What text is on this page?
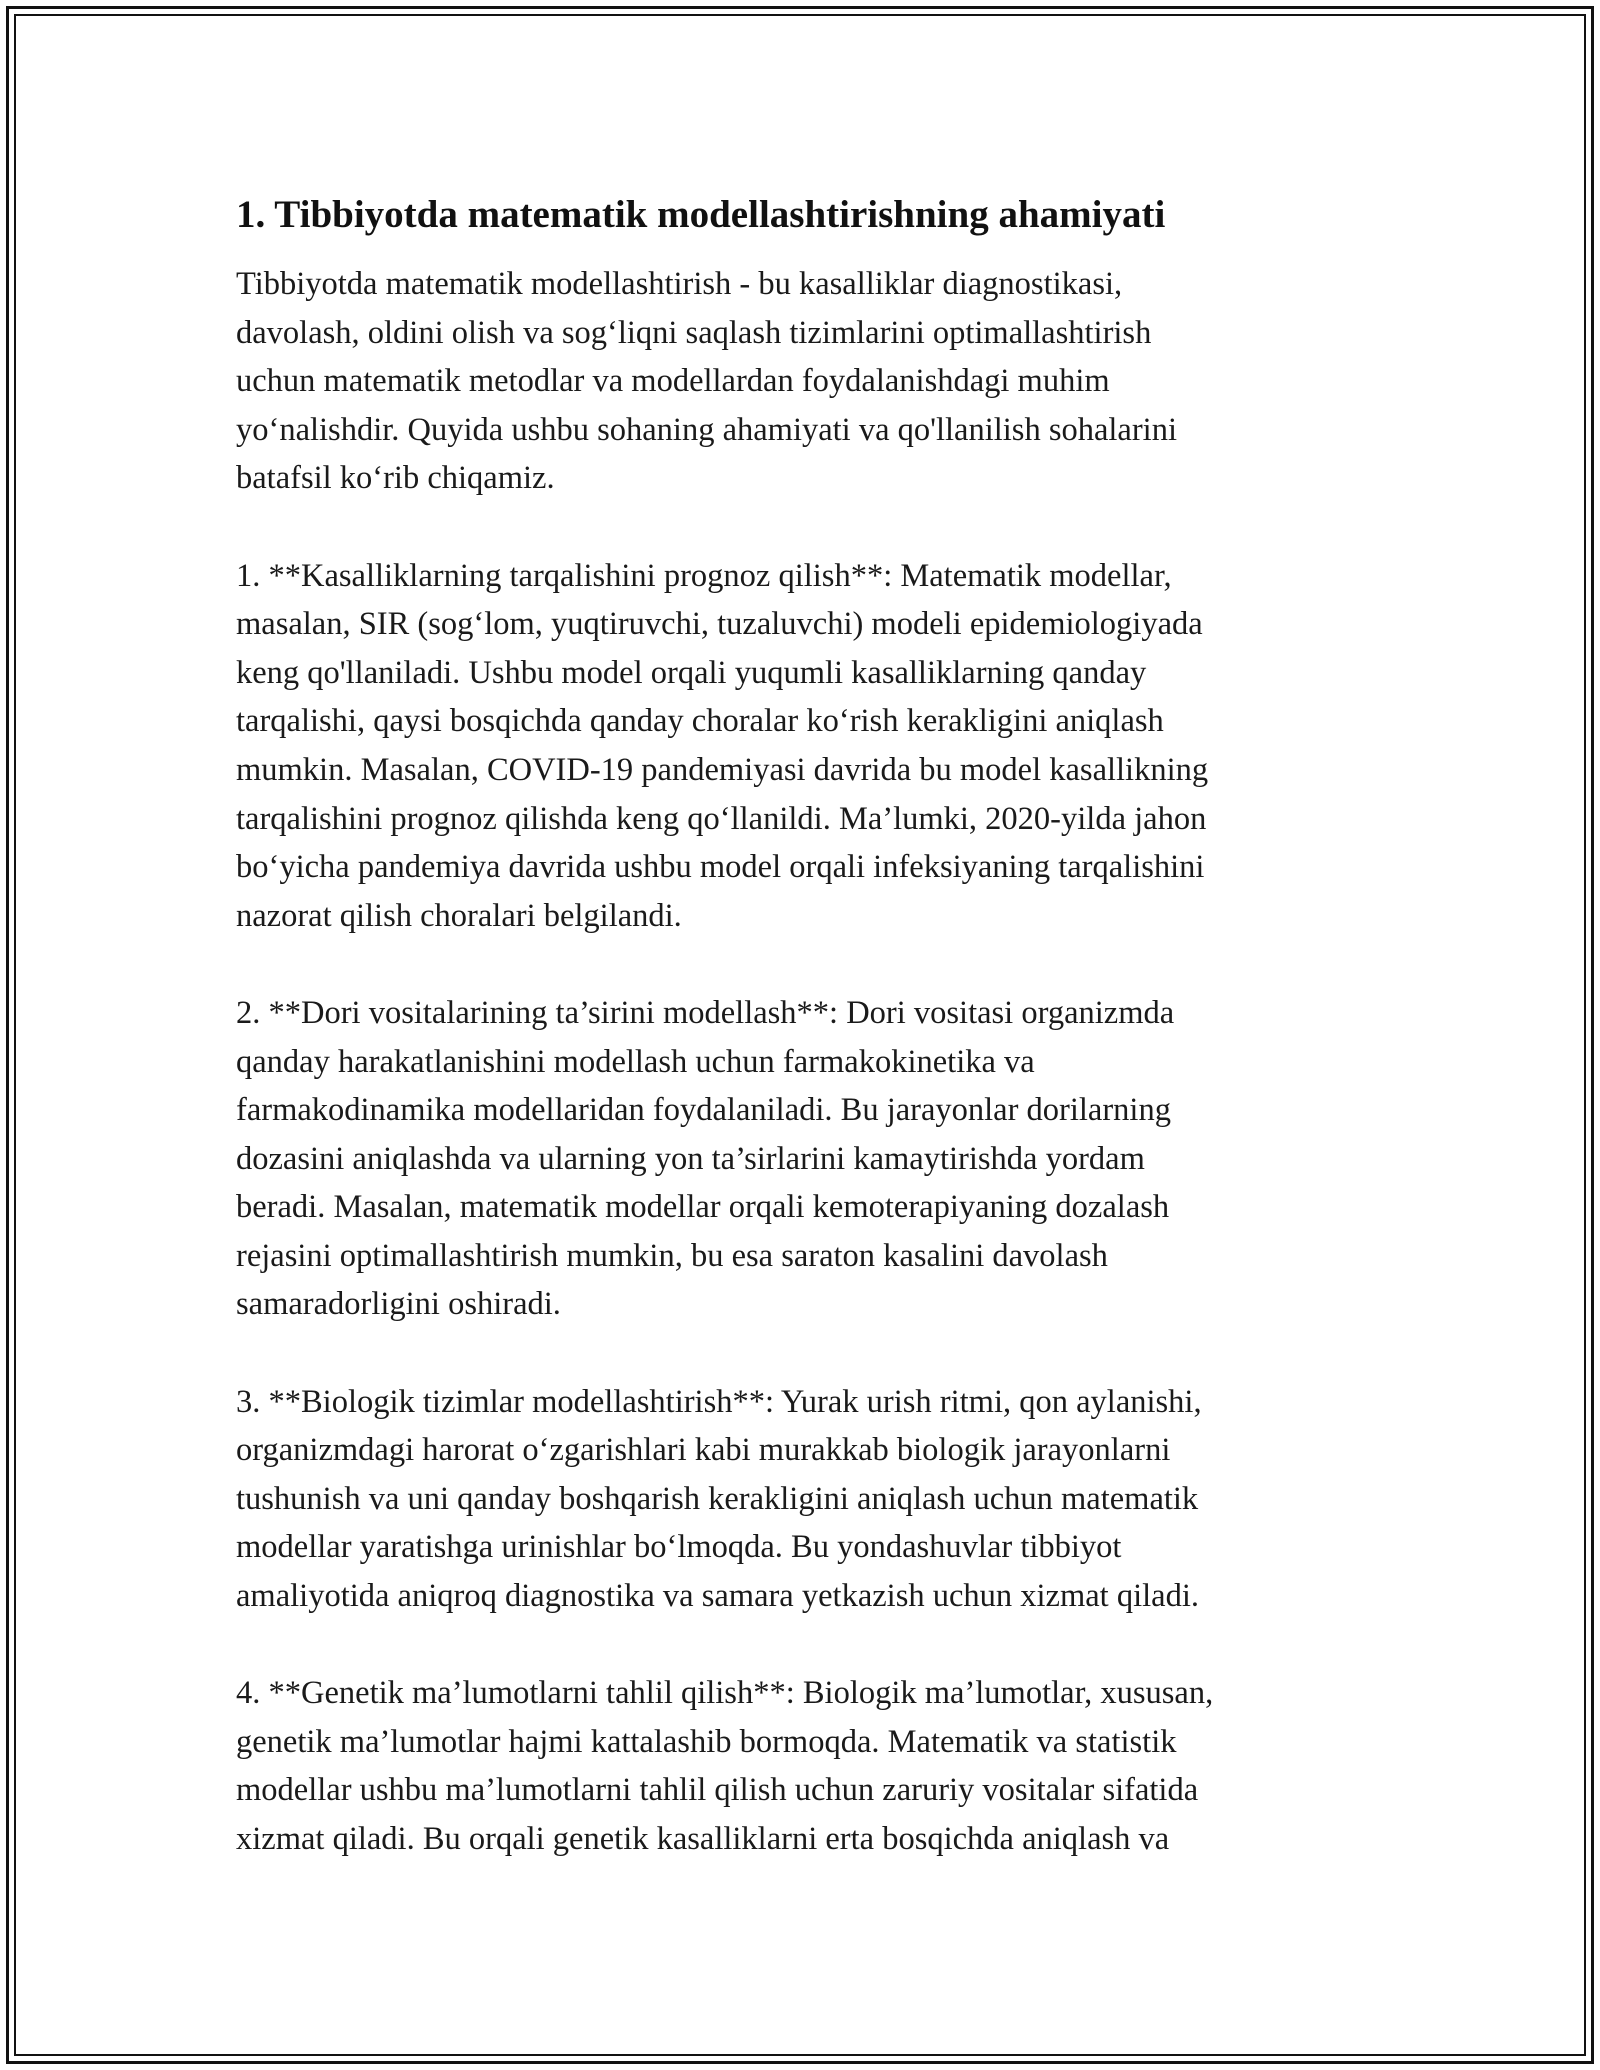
1. Tibbiyotda matematik modellashtirishning ahamiyati

Tibbiyotda matematik modellashtirish - bu kasalliklar diagnostikasi,
davolash, oldini olish va sog‘liqni saqlash tizimlarini optimallashtirish
uchun matematik metodlar va modellardan foydalanishdagi muhim
yo‘nalishdir. Quyida ushbu sohaning ahamiyati va qo'llanilish sohalarini
batafsil ko‘rib chiqamiz.

1. **Kasalliklarning tarqalishini prognoz qilish**: Matematik modellar,
masalan, SIR (sog‘lom, yuqtiruvchi, tuzaluvchi) modeli epidemiologiyada
keng qo'llaniladi. Ushbu model orqali yuqumli kasalliklarning qanday
tarqalishi, qaysi bosqichda qanday choralar ko‘rish kerakligini aniqlash
mumkin. Masalan, COVID-19 pandemiyasi davrida bu model kasallikning
tarqalishini prognoz qilishda keng qo‘llanildi. Ma’lumki, 2020-yilda jahon
bo‘yicha pandemiya davrida ushbu model orqali infeksiyaning tarqalishini
nazorat qilish choralari belgilandi.

2. **Dori vositalarining ta’sirini modellash**: Dori vositasi organizmda
qanday harakatlanishini modellash uchun farmakokinetika va
farmakodinamika modellaridan foydalaniladi. Bu jarayonlar dorilarning
dozasini aniqlashda va ularning yon ta’sirlarini kamaytirishda yordam
beradi. Masalan, matematik modellar orqali kemoterapiyaning dozalash
rejasini optimallashtirish mumkin, bu esa saraton kasalini davolash
samaradorligini oshiradi.

3. **Biologik tizimlar modellashtirish**: Yurak urish ritmi, qon aylanishi,
organizmdagi harorat o‘zgarishlari kabi murakkab biologik jarayonlarni
tushunish va uni qanday boshqarish kerakligini aniqlash uchun matematik
modellar yaratishga urinishlar bo‘lmoqda. Bu yondashuvlar tibbiyot
amaliyotida aniqroq diagnostika va samara yetkazish uchun xizmat qiladi.

4. **Genetik ma’lumotlarni tahlil qilish**: Biologik ma’lumotlar, xususan,
genetik ma’lumotlar hajmi kattalashib bormoqda. Matematik va statistik
modellar ushbu ma’lumotlarni tahlil qilish uchun zaruriy vositalar sifatida
xizmat qiladi. Bu orqali genetik kasalliklarni erta bosqichda aniqlash va
